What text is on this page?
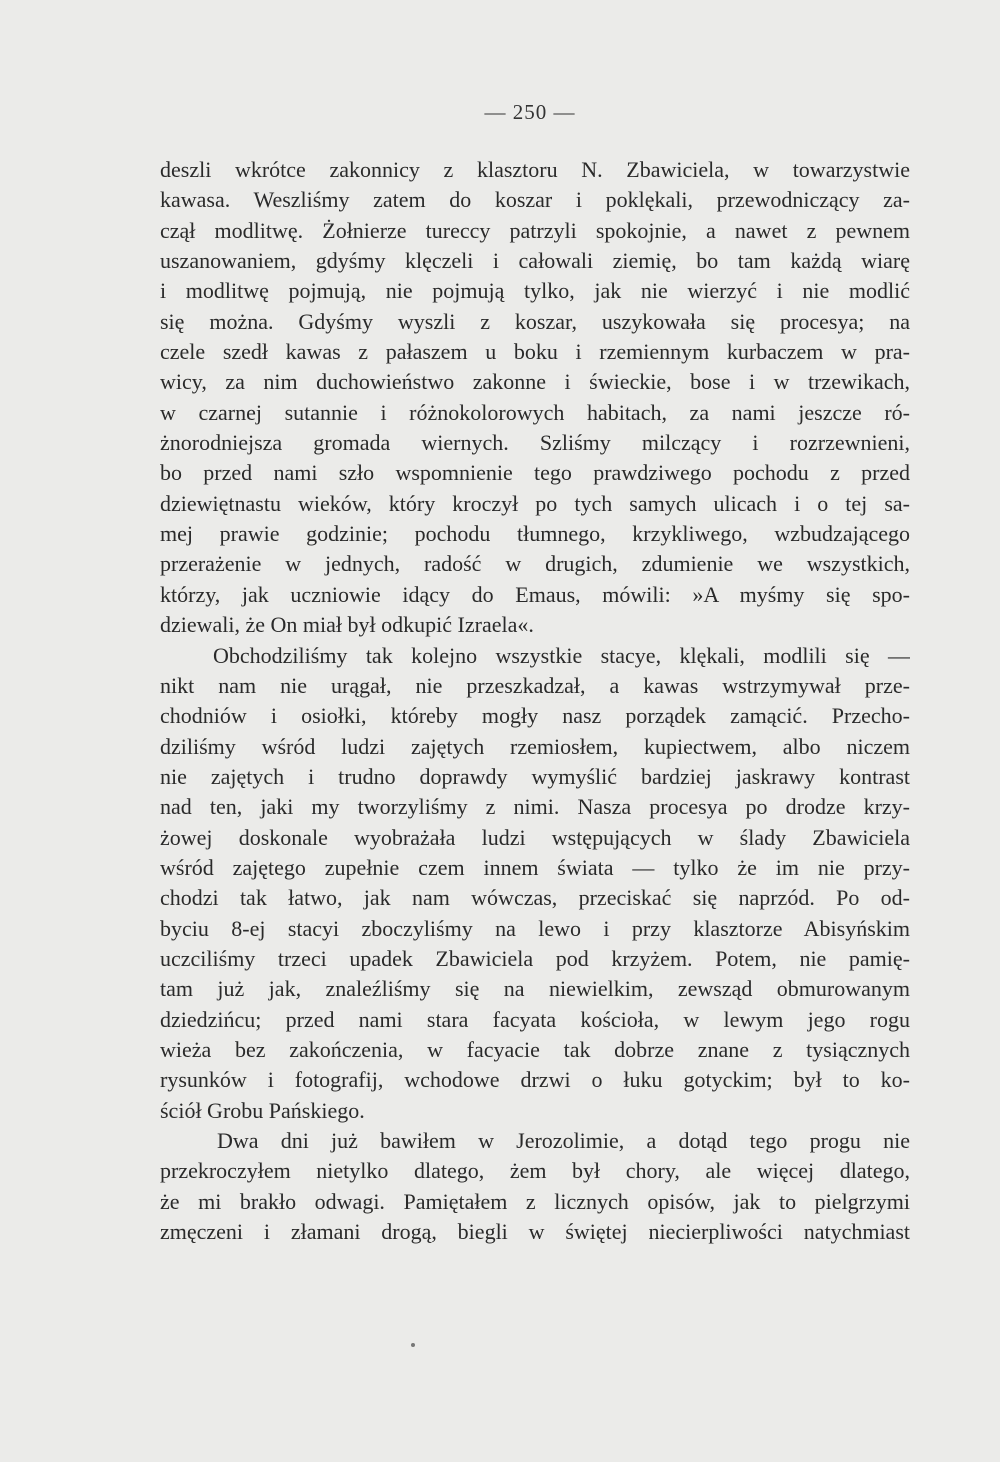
— 250 —
deszli wkrótce zakonnicy z klasztoru N. Zbawiciela, w towarzystwie
kawasa. Weszliśmy zatem do koszar i poklękali, przewodniczący za-
czął modlitwę. Żołnierze tureccy patrzyli spokojnie, a nawet z pewnem
uszanowaniem, gdyśmy klęczeli i całowali ziemię, bo tam każdą wiarę
i modlitwę pojmują, nie pojmują tylko, jak nie wierzyć i nie modlić
się można. Gdyśmy wyszli z koszar, uszykowała się procesya; na
czele szedł kawas z pałaszem u boku i rzemiennym kurbaczem w pra-
wicy, za nim duchowieństwo zakonne i świeckie, bose i w trzewikach,
w czarnej sutannie i różnokolorowych habitach, za nami jeszcze ró-
żnorodniejsza gromada wiernych. Szliśmy milczący i rozrzewnieni,
bo przed nami szło wspomnienie tego prawdziwego pochodu z przed
dziewiętnastu wieków, który kroczył po tych samych ulicach i o tej sa-
mej prawie godzinie; pochodu tłumnego, krzykliwego, wzbudzającego
przerażenie w jednych, radość w drugich, zdumienie we wszystkich,
którzy, jak uczniowie idący do Emaus, mówili: »A myśmy się spo-
dziewali, że On miał był odkupić Izraela«.
Obchodziliśmy tak kolejno wszystkie stacye, klękali, modlili się —
nikt nam nie urągał, nie przeszkadzał, a kawas wstrzymywał prze-
chodniów i osiołki, któreby mogły nasz porządek zamącić. Przecho-
dziliśmy wśród ludzi zajętych rzemiosłem, kupiectwem, albo niczem
nie zajętych i trudno doprawdy wymyślić bardziej jaskrawy kontrast
nad ten, jaki my tworzyliśmy z nimi. Nasza procesya po drodze krzy-
żowej doskonale wyobrażała ludzi wstępujących w ślady Zbawiciela
wśród zajętego zupełnie czem innem świata — tylko że im nie przy-
chodzi tak łatwo, jak nam wówczas, przeciskać się naprzód. Po od-
byciu 8-ej stacyi zboczyliśmy na lewo i przy klasztorze Abisyńskim
uczciliśmy trzeci upadek Zbawiciela pod krzyżem. Potem, nie pamię-
tam już jak, znaleźliśmy się na niewielkim, zewsząd obmurowanym
dziedzińcu; przed nami stara facyata kościoła, w lewym jego rogu
wieża bez zakończenia, w facyacie tak dobrze znane z tysiącznych
rysunków i fotografij, wchodowe drzwi o łuku gotyckim; był to ko-
ściół Grobu Pańskiego.
Dwa dni już bawiłem w Jerozolimie, a dotąd tego progu nie
przekroczyłem nietylko dlatego, żem był chory, ale więcej dlatego,
że mi brakło odwagi. Pamiętałem z licznych opisów, jak to pielgrzymi
zmęczeni i złamani drogą, biegli w świętej niecierpliwości natychmiast
